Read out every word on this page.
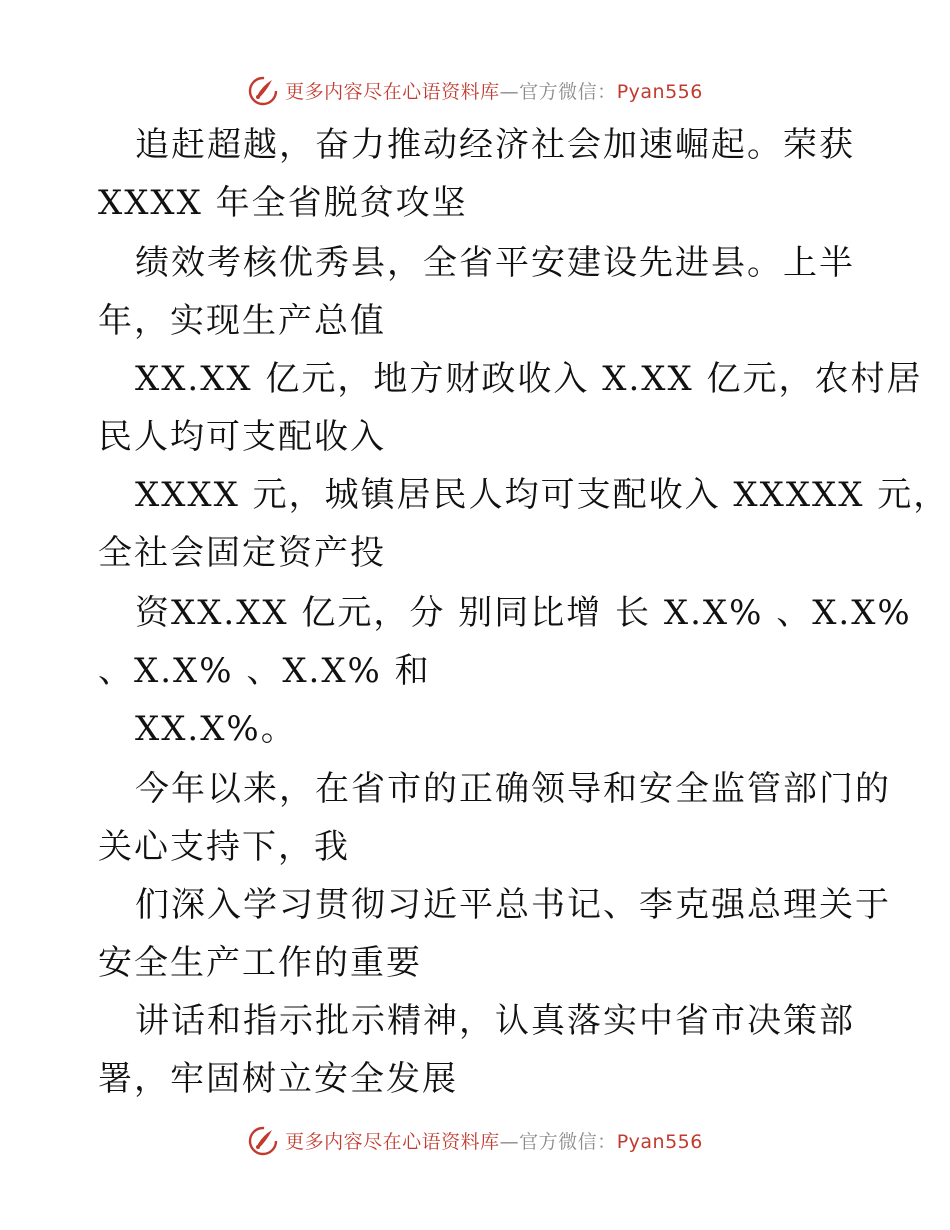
更多内容尽在心语资料库—官方微信：Pyan556
追赶超越，奋力推动经济社会加速崛起。荣获
XXXX 年全省脱贫攻坚
绩效考核优秀县，全省平安建设先进县。上半
年，实现生产总值
XX.XX 亿元，地方财政收入 X.XX 亿元，农村居
民人均可支配收入
XXXX 元，城镇居民人均可支配收入 XXXXX 元，
全社会固定资产投
资XX.XX 亿元，分 别同比增 长 X.X% 、X.X%
、X.X% 、X.X% 和
XX.X%。
今年以来，在省市的正确领导和安全监管部门的
关心支持下，我
们深入学习贯彻习近平总书记、李克强总理关于
安全生产工作的重要
讲话和指示批示精神，认真落实中省市决策部
署，牢固树立安全发展
更多内容尽在心语资料库—官方微信：Pyan556
